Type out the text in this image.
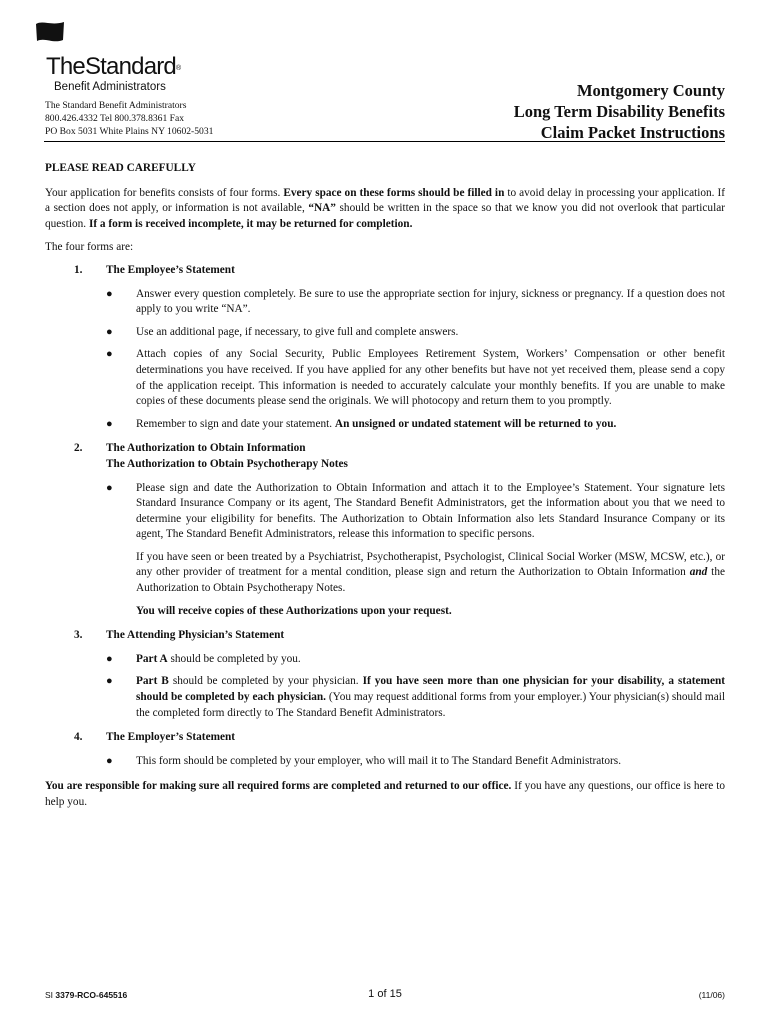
TheStandard®
Benefit Administrators
The Standard Benefit Administrators
800.426.4332 Tel 800.378.8361 Fax
PO Box 5031 White Plains NY 10602-5031
Montgomery County
Long Term Disability Benefits
Claim Packet Instructions
PLEASE READ CAREFULLY

Your application for benefits consists of four forms. Every space on these forms should be filled in to avoid delay in processing your application. If a section does not apply, or information is not available, “NA” should be written in the space so that we know you did not overlook that particular question. If a form is received incomplete, it may be returned for completion.

The four forms are:

1. The Employee’s Statement
● Answer every question completely. Be sure to use the appropriate section for injury, sickness or pregnancy. If a question does not apply to you write “NA”.
● Use an additional page, if necessary, to give full and complete answers.
● Attach copies of any Social Security, Public Employees Retirement System, Workers’ Compensation or other benefit determinations you have received. If you have applied for any other benefits but have not yet received them, please send a copy of the application receipt. This information is needed to accurately calculate your monthly benefits. If you are unable to make copies of these documents please send the originals. We will photocopy and return them to you promptly.
● Remember to sign and date your statement. An unsigned or undated statement will be returned to you.
2. The Authorization to Obtain Information
The Authorization to Obtain Psychotherapy Notes
● Please sign and date the Authorization to Obtain Information and attach it to the Employee’s Statement. Your signature lets Standard Insurance Company or its agent, The Standard Benefit Administrators, get the information about you that we need to determine your eligibility for benefits. The Authorization to Obtain Information also lets Standard Insurance Company or its agent, The Standard Benefit Administrators, release this information to specific persons.

If you have seen or been treated by a Psychiatrist, Psychotherapist, Psychologist, Clinical Social Worker (MSW, MCSW, etc.), or any other provider of treatment for a mental condition, please sign and return the Authorization to Obtain Information and the Authorization to Obtain Psychotherapy Notes.

You will receive copies of these Authorizations upon your request.

3. The Attending Physician’s Statement
● Part A should be completed by you.
● Part B should be completed by your physician. If you have seen more than one physician for your disability, a statement should be completed by each physician. (You may request additional forms from your employer.) Your physician(s) should mail the completed form directly to The Standard Benefit Administrators.
4. The Employer’s Statement
● This form should be completed by your employer, who will mail it to The Standard Benefit Administrators.

You are responsible for making sure all required forms are completed and returned to our office. If you have any questions, our office is here to help you.

SI 3379-RCO-645516	1 of 15	(11/06)
